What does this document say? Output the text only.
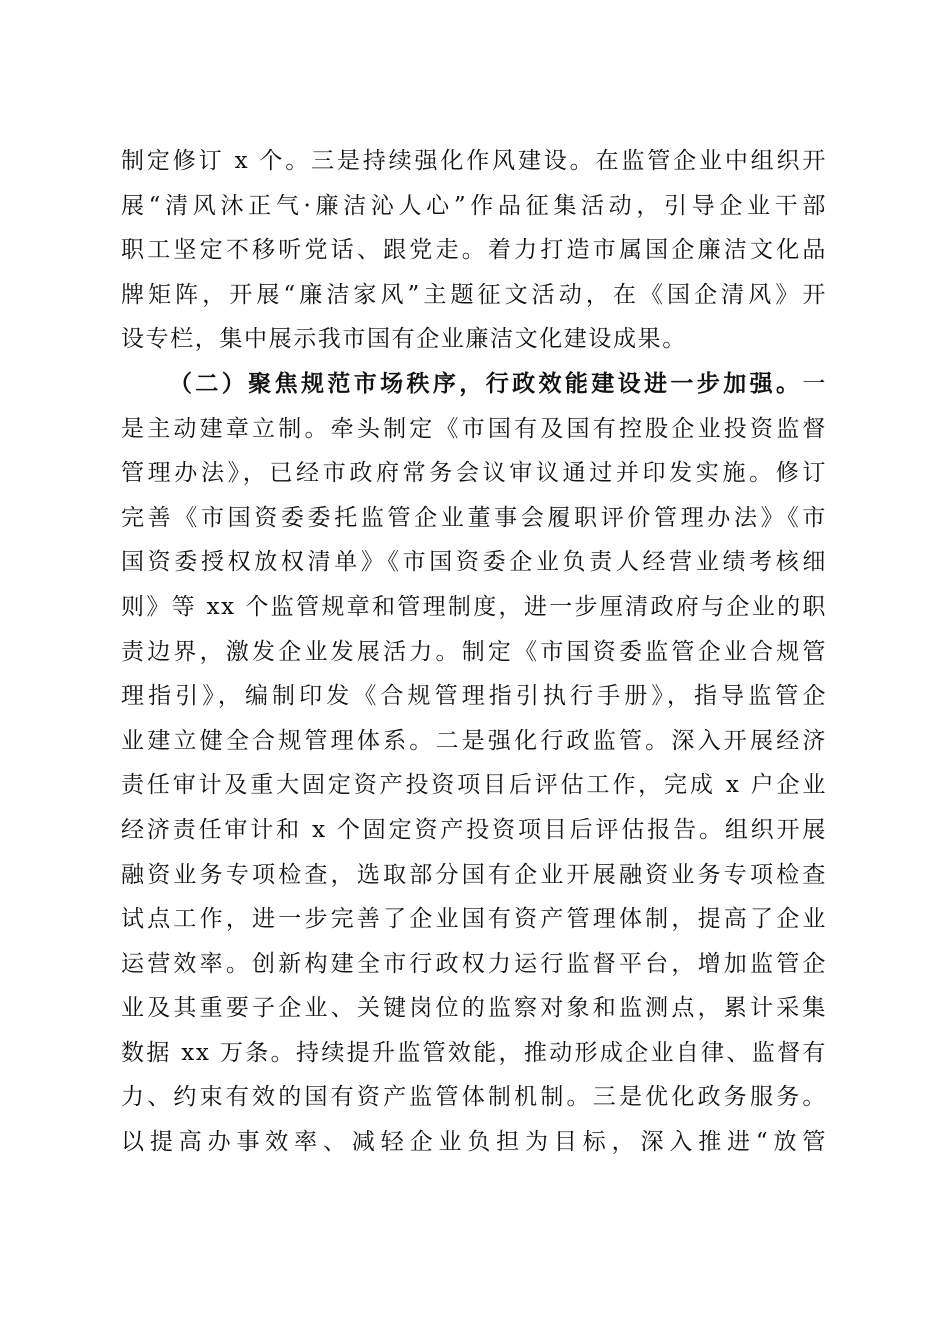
制定修订 x 个。三是持续强化作风建设。在监管企业中组织开
展“清风沐正气·廉洁沁人心”作品征集活动，引导企业干部
职工坚定不移听党话、跟党走。着力打造市属国企廉洁文化品
牌矩阵，开展“廉洁家风”主题征文活动，在《国企清风》开
设专栏，集中展示我市国有企业廉洁文化建设成果。
（二）聚焦规范市场秩序，行政效能建设进一步加强。一
是主动建章立制。牵头制定《市国有及国有控股企业投资监督
管理办法》，已经市政府常务会议审议通过并印发实施。修订
完善《市国资委委托监管企业董事会履职评价管理办法》《市
国资委授权放权清单》《市国资委企业负责人经营业绩考核细
则》等 xx 个监管规章和管理制度，进一步厘清政府与企业的职
责边界，激发企业发展活力。制定《市国资委监管企业合规管
理指引》，编制印发《合规管理指引执行手册》，指导监管企
业建立健全合规管理体系。二是强化行政监管。深入开展经济
责任审计及重大固定资产投资项目后评估工作，完成 x 户企业
经济责任审计和 x 个固定资产投资项目后评估报告。组织开展
融资业务专项检查，选取部分国有企业开展融资业务专项检查
试点工作，进一步完善了企业国有资产管理体制，提高了企业
运营效率。创新构建全市行政权力运行监督平台，增加监管企
业及其重要子企业、关键岗位的监察对象和监测点，累计采集
数据 xx 万条。持续提升监管效能，推动形成企业自律、监督有
力、约束有效的国有资产监管体制机制。三是优化政务服务。
以提高办事效率、减轻企业负担为目标，深入推进“放管
